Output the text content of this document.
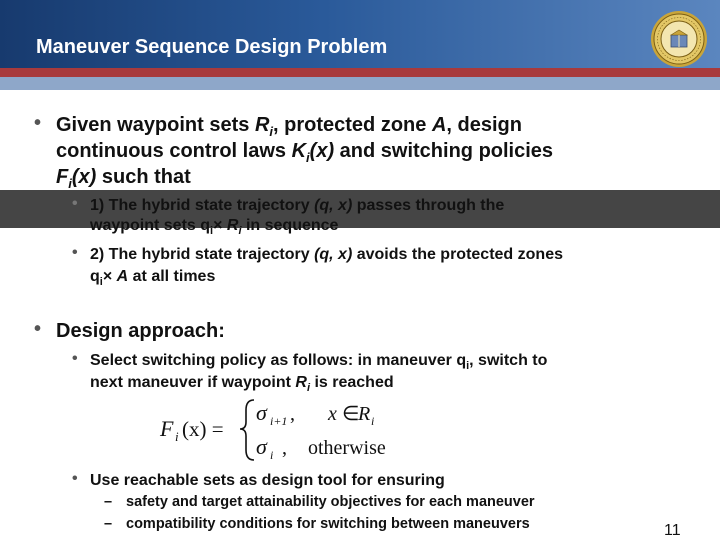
Maneuver Sequence Design Problem
• Given waypoint sets $R_i$, protected zone A, design
continuous control laws $K_i(x)$ and switching policies
$F_i(x)$ such that
• 1) The hybrid state trajectory (q, x) passes through the
waypoint sets $q_i\times R_i$ in sequence
• 2) The hybrid state trajectory (q, x) avoids the protected zones
$q_i\times A$ at all times
• Design approach:
• Select switching policy as follows: in maneuver $q_i$, switch to
next maneuver if waypoint $R_i$ is reached
F i (x) =
σ i+1 , x ∈
R i
σ i , otherwise
• Use reachable sets as design tool for ensuring
– safety and target attainability objectives for each maneuver
– compatibility conditions for switching between maneuvers	11
